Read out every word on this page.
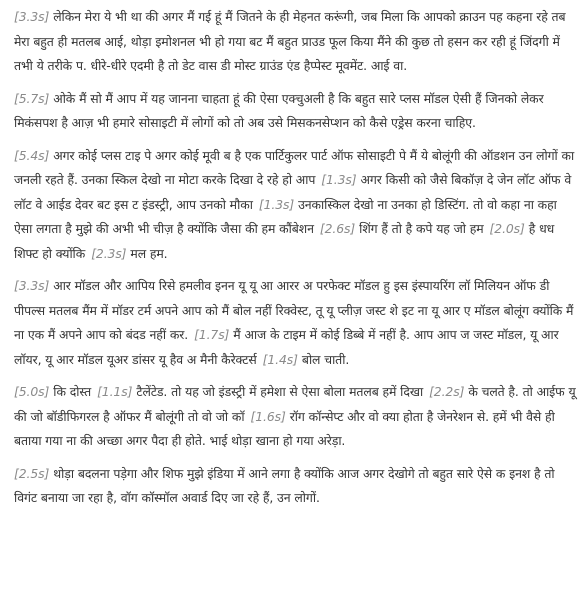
[3.3s] लेकिन मेरा ये भी था की अगर मैं गई हूं मैं जितने के ही मेहनत करूंगी, जब मिला कि आपको क्राउन पह कहना रहे तब मेरा बहुत ही मतलब आई, थोड़ा इमोशनल भी हो गया बट मैं बहुत प्राउड फूल किया मैंने की कुछ तो हसन कर रही हूं जिंदगी में तभी ये तरीके प. धीरे-धीरे एदमी है तो डेट वास डी मोस्ट ग्राउंड एंड हैप्पेस्ट मूवमेंट. आई वा.

[5.7s] ओके मैं सो मैं आप में यह जानना चाहता हूं की ऐसा एक्चुअली है कि बहुत सारे प्लस मॉडल ऐसी हैं जिनको लेकर मिकंसपश है आज़ भी हमारे सोसाइटी में लोगों को तो अब उसे मिसकनसेप्शन को कैसे एड्रेस करना चाहिए.

[5.4s] अगर कोई प्लस टाइ पे अगर कोई मूवी ब है एक पार्टिकुलर पार्ट ऑफ सोसाइटी पे मैं ये बोलूंगी की ऑडशन उन लोगों का जनली रहते हैं. उनका स्किल देखो ना मोटा करके दिखा दे रहे हो आप [1.3s] अगर किसी को जैसे बिकॉज़ दे जेन लॉट ऑफ वे लॉट वे आईड देवर बट इस ट इंडस्ट्री, आप उनको मौका [1.3s] उनकास्किल देखो ना उनका हो डिस्टिंग. तो वो कहा ना कहा ऐसा लगता है मुझे की अभी भी चीज़ है क्योंकि जैसा की हम कौंबेशन [2.6s] शिंग हैं तो है कपे यह जो हम [2.0s] है धध शिफ्ट हो क्योंकि [2.3s] मल हम.

[3.3s] आर मॉडल और आपिय रिसे हमलीव इनन यू यू आ आरर अ परफेक्ट मॉडल हु इस इंस्पायरिंग लॉ मिलियन ऑफ डी पीपल्स मतलब मैंम में मॉडर टर्म अपने आप को मैं बोल नहीं रिक्वेस्ट, तू यू प्लीज़ जस्ट शे इट ना यू आर ए मॉडल बोलूंग क्योंकि मैं ना एक मैं अपने आप को बंदड नहीं कर. [1.7s] मैं आज के टाइम में कोई डिब्बे में नहीं है. आप आप ज जस्ट मॉडल, यू आर लॉयर, यू आर मॉडल यूअर डांसर यू हैव अ मैनी कैरेक्टर्स [1.4s] बोल चाती.

[5.0s] कि दोस्त [1.1s] टैलेंटेड. तो यह जो इंडस्ट्री में हमेशा से ऐसा बोला मतलब हमें दिखा [2.2s] के चलते है. तो आईफ यू की जो बॉडीफिगरल है ऑफर मैं बोलूंगी तो वो जो कॉ [1.6s] रॉग कॉन्सेप्ट और वो क्या होता है जेनरेशन से. हमें भी वैसे ही बताया गया ना की अच्छा अगर पैदा ही होते. भाई थोड़ा खाना हो गया अरेड़ा.

[2.5s] थोड़ा बदलना पड़ेगा और शिफ मुझे इंडिया में आने लगा है क्योंकि आज अगर देखोगे तो बहुत सारे ऐसे क इनश है तो विगंट बनाया जा रहा है, वॉग कॉस्मॉल अवार्ड दिए जा रहे हैं, उन लोगों.
